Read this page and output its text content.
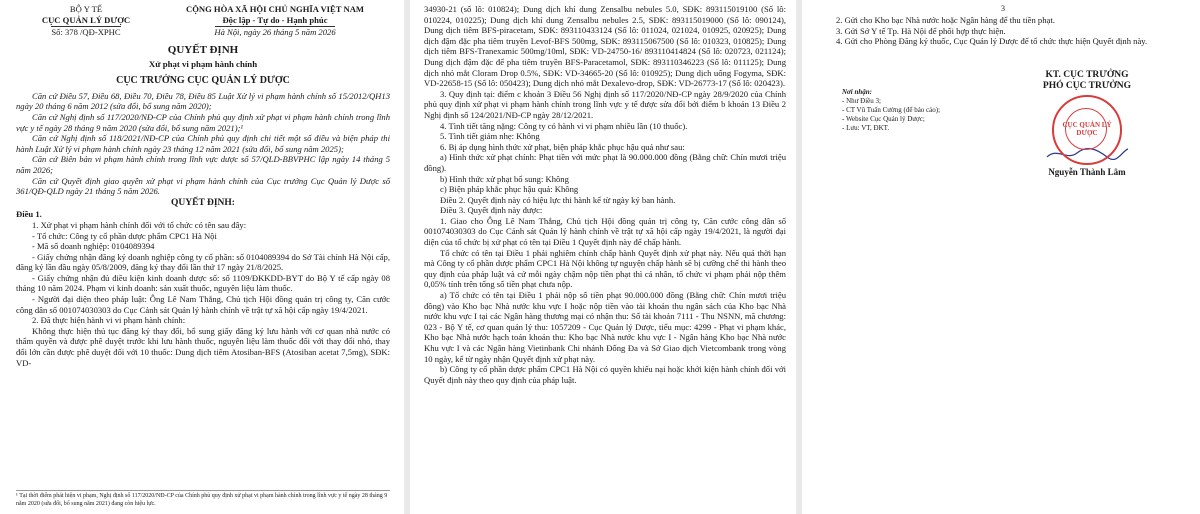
BỘ Y TẾ

CỤC QUẢN LÝ DƯỢC

Số: 378 /QĐ-XPHC

CỘNG HÒA XÃ HỘI CHỦ NGHĨA VIỆT NAM

Độc lập - Tự do - Hạnh phúc

Hà Nội, ngày 26 tháng 5 năm 2026

QUYẾT ĐỊNH

Xử phạt vi phạm hành chính

CỤC TRƯỞNG CỤC QUẢN LÝ DƯỢC

Căn cứ Điều 57, Điều 68, Điều 70, Điều 78, Điều 85 Luật Xử lý vi phạm hành chính số 15/2012/QH13 ngày 20 tháng 6 năm 2012 (sửa đổi, bổ sung năm 2020);

Căn cứ Nghị định số 117/2020/NĐ-CP của Chính phủ quy định xử phạt vi phạm hành chính trong lĩnh vực y tế ngày 28 tháng 9 năm 2020 (sửa đổi, bổ sung năm 2021);¹

Căn cứ Nghị định số 118/2021/NĐ-CP của Chính phủ quy định chi tiết một số điều và biện pháp thi hành Luật Xử lý vi phạm hành chính ngày 23 tháng 12 năm 2021 (sửa đổi, bổ sung năm 2025);

Căn cứ Biên bản vi phạm hành chính trong lĩnh vực dược số 57/QLD-BBVPHC lập ngày 14 tháng 5 năm 2026;

Căn cứ Quyết định giao quyền xử phạt vi phạm hành chính của Cục trưởng Cục Quản lý Dược số 361/QĐ-QLD ngày 21 tháng 5 năm 2026.

QUYẾT ĐỊNH:

Điều 1.

1. Xử phạt vi phạm hành chính đối với tổ chức có tên sau đây:

- Tổ chức: Công ty cổ phần dược phẩm CPC1 Hà Nội

- Mã số doanh nghiệp: 0104089394

- Giấy chứng nhận đăng ký doanh nghiệp công ty cổ phần: số 0104089394 do Sở Tài chính Hà Nội cấp, đăng ký lần đầu ngày 05/8/2009, đăng ký thay đổi lần thứ 17 ngày 21/8/2025.

- Giấy chứng nhận đủ điều kiện kinh doanh dược số: số 1109/ĐKKDD-BYT do Bộ Y tế cấp ngày 08 tháng 10 năm 2024. Phạm vi kinh doanh: sản xuất thuốc, nguyên liệu làm thuốc.

- Người đại diện theo pháp luật: Ông Lê Nam Thắng, Chủ tịch Hội đồng quản trị công ty, Căn cước công dân số 001074030303 do Cục Cảnh sát Quản lý hành chính về trật tự xã hội cấp ngày 19/4/2021.

2. Đã thực hiện hành vi vi phạm hành chính:

Không thực hiện thủ tục đăng ký thay đổi, bổ sung giấy đăng ký lưu hành với cơ quan nhà nước có thẩm quyền và được phê duyệt trước khi lưu hành thuốc, nguyên liệu làm thuốc đối với thay đổi nhỏ, thay đổi lớn cần được phê duyệt đối với 10 thuốc: Dung dịch tiêm Atosiban-BFS (Atosiban acetat 7,5mg), SĐK: VD-

¹ Tại thời điểm phát hiện vi phạm, Nghị định số 117/2020/NĐ-CP của Chính phủ quy định xử phạt vi phạm hành chính trong lĩnh vực y tế ngày 28 tháng 9 năm 2020 (sửa đổi, bổ sung năm 2021) đang còn hiệu lực.

34930-21 (số lô: 010824); Dung dịch khí dung Zensalbu nebules 5.0, SĐK: 893115019100 (Số lô: 010224, 010225); Dung dịch khí dung Zensalbu nebules 2.5, SĐK: 893115019000 (Số lô: 090124), Dung dịch tiêm BFS-piracetam, SĐK: 893110433124 (Số lô: 011024, 021024, 010925, 020925); Dung dịch đậm đặc pha tiêm truyền Levof-BFS 500mg, SĐK: 893115067500 (Số lô: 010323, 010825); Dung dịch tiêm BFS-Tranexamic 500mg/10ml, SĐK: VD-24750-16/ 893110414824 (Số lô: 020723, 021124); Dung dịch đậm đặc để pha tiêm truyền BFS-Paracetamol, SĐK: 893110346223 (Số lô: 011125); Dung dịch nhỏ mắt Cloram Drop 0.5%, SĐK: VD-34665-20 (Số lô: 010925); Dung dịch uống Fogyma, SĐK: VD-22658-15 (Số lô: 050423); Dung dịch nhỏ mắt Dexalevo-drop, SĐK: VD-26773-17 (Số lô: 020423).

3. Quy định tại: điểm c khoản 3 Điều 56 Nghị định số 117/2020/NĐ-CP ngày 28/9/2020 của Chính phủ quy định xử phạt vi phạm hành chính trong lĩnh vực y tế được sửa đổi bởi điểm b khoản 13 Điều 2 Nghị định số 124/2021/NĐ-CP ngày 28/12/2021.

4. Tình tiết tăng nặng: Công ty có hành vi vi phạm nhiều lần (10 thuốc).

5. Tình tiết giảm nhẹ: Không

6. Bị áp dụng hình thức xử phạt, biện pháp khắc phục hậu quả như sau:

a) Hình thức xử phạt chính: Phạt tiền với mức phạt là 90.000.000 đồng (Bằng chữ: Chín mươi triệu đồng).

b) Hình thức xử phạt bổ sung: Không

c) Biện pháp khắc phục hậu quả: Không

Điều 2. Quyết định này có hiệu lực thi hành kể từ ngày ký ban hành.

Điều 3. Quyết định này được:

1. Giao cho Ông Lê Nam Thắng, Chủ tịch Hội đồng quản trị công ty, Căn cước công dân số 001074030303 do Cục Cảnh sát Quản lý hành chính về trật tự xã hội cấp ngày 19/4/2021, là người đại diện của tổ chức bị xử phạt có tên tại Điều 1 Quyết định này để chấp hành.

Tổ chức có tên tại Điều 1 phải nghiêm chỉnh chấp hành Quyết định xử phạt này. Nếu quá thời hạn mà Công ty cổ phần dược phẩm CPC1 Hà Nội không tự nguyện chấp hành sẽ bị cưỡng chế thi hành theo quy định của pháp luật và cứ mỗi ngày chậm nộp tiền phạt thì cá nhân, tổ chức vi phạm phải nộp thêm 0,05% tính trên tổng số tiền phạt chưa nộp.

a) Tổ chức có tên tại Điều 1 phải nộp số tiền phạt 90.000.000 đồng (Bằng chữ: Chín mươi triệu đồng) vào Kho bạc Nhà nước khu vực I hoặc nộp tiền vào tài khoản thu ngân sách của Kho bạc Nhà nước khu vực I tại các Ngân hàng thương mại có nhận thu: Số tài khoản 7111 - Thu NSNN, mã chương: 023 - Bộ Y tế, cơ quan quản lý thu: 1057209 - Cục Quản lý Dược, tiểu mục: 4299 - Phạt vi phạm khác, Kho bạc Nhà nước hạch toán khoản thu: Kho bạc Nhà nước khu vực I - Ngân hàng Kho bạc Nhà nước Khu vực I và các Ngân hàng Vietinbank Chi nhánh Đống Đa và Sở Giao dịch Vietcombank trong vòng 10 ngày, kể từ ngày nhận Quyết định xử phạt này.

b) Công ty cổ phần dược phẩm CPC1 Hà Nội có quyền khiếu nại hoặc khởi kiện hành chính đối với Quyết định này theo quy định của pháp luật.

3

2. Gửi cho Kho bạc Nhà nước hoặc Ngân hàng để thu tiền phạt.

3. Gửi Sở Y tế Tp. Hà Nội để phối hợp thực hiện.

4. Gửi cho Phòng Đăng ký thuốc, Cục Quản lý Dược để tổ chức thực hiện Quyết định này.

Nơi nhận:

- Như Điều 3;

- CT Vũ Tuấn Cường (để báo cáo);

- Website Cục Quản lý Dược;

- Lưu: VT, ĐKT.

KT. CỤC TRƯỞNG

PHÓ CỤC TRƯỞNG

CỤC QUẢN LÝ DƯỢC

Nguyễn Thành Lâm
